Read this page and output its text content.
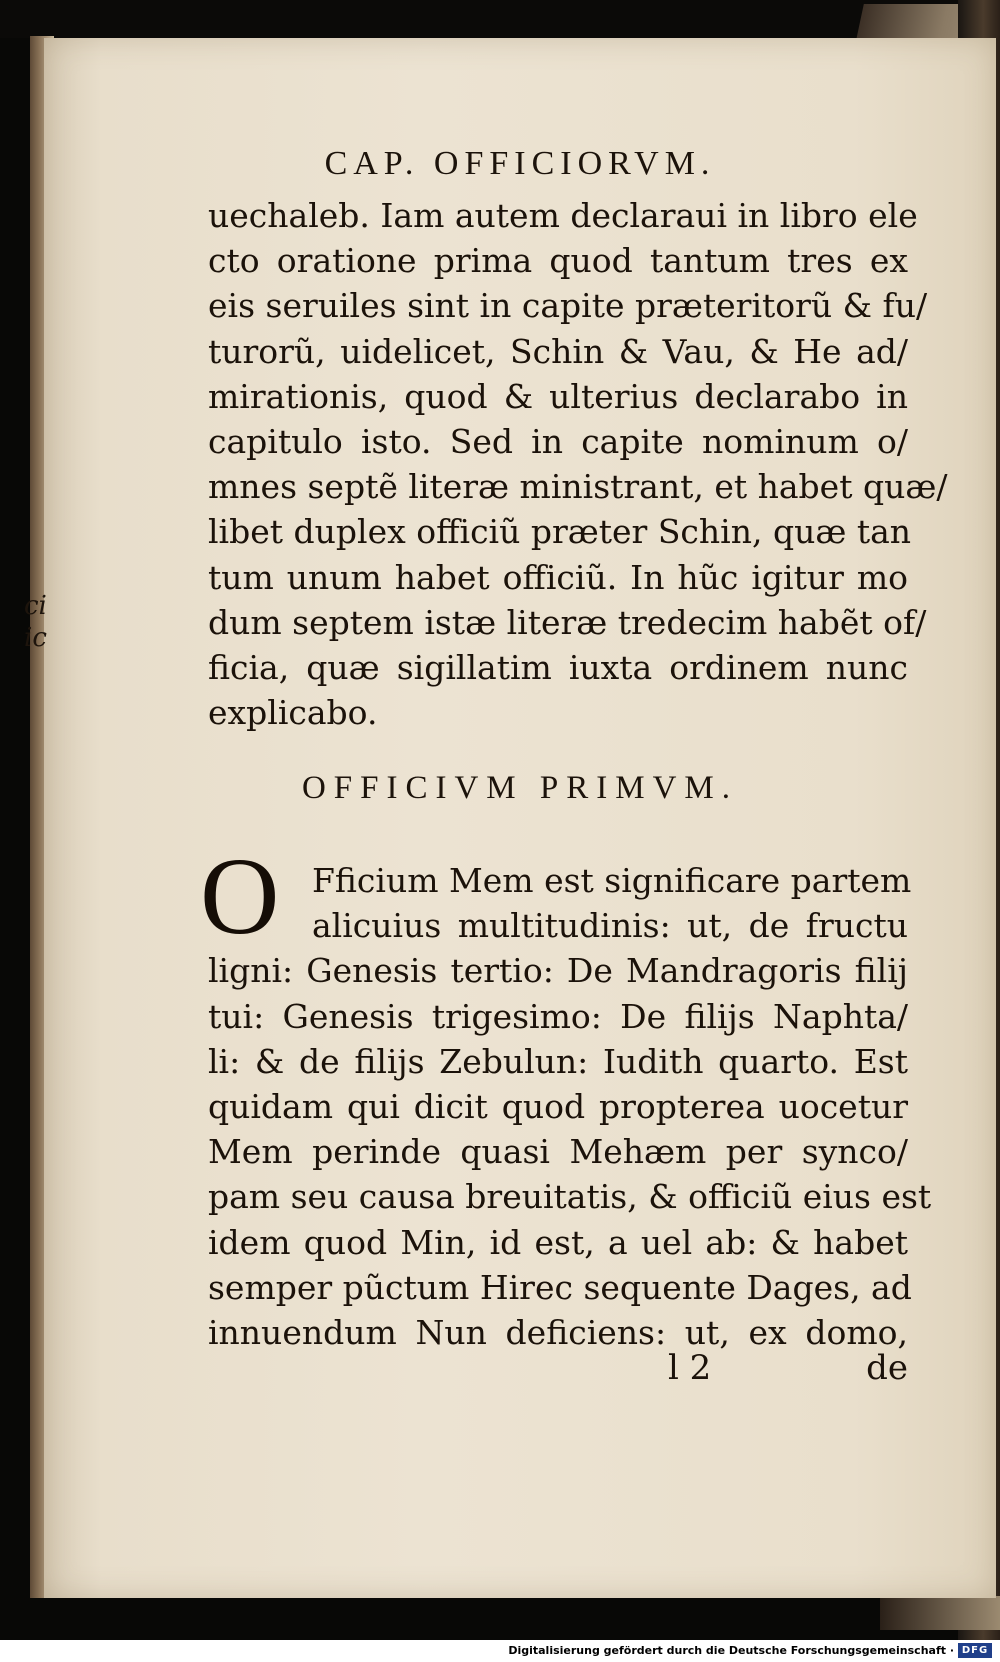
ci
ic
CAP. OFFICIORVM.
uechaleb. Iam autem declaraui in libro ele
cto oratione prima quod tantum tres ex
eis seruiles sint in capite præteritorũ & fu/
turorũ, uidelicet, Schin & Vau, & He ad/
mirationis, quod & ulterius declarabo in
capitulo isto. Sed in capite nominum o/
mnes septẽ literæ ministrant, et habet quæ/
libet duplex officiũ præter Schin, quæ tan
tum unum habet officiũ. In hũc igitur mo
dum septem istæ literæ tredecim habẽt of/
ficia, quæ sigillatim iuxta ordinem nunc
explicabo.
OFFICIVM PRIMVM.
O Fficium Mem est significare partem
alicuius multitudinis: ut, de fructu
ligni: Genesis tertio: De Mandragoris filij
tui: Genesis trigesimo: De filijs Naphta/
li: & de filijs Zebulun: Iudith quarto. Est
quidam qui dicit quod propterea uocetur
Mem perinde quasi Mehæm per synco/
pam seu causa breuitatis, & officiũ eius est
idem quod Min, id est, a uel ab: & habet
semper pũctum Hirec sequente Dages, ad
innuendum Nun deficiens: ut, ex domo,
l 2	de
Digitalisierung gefördert durch die Deutsche Forschungsgemeinschaft · DFG
